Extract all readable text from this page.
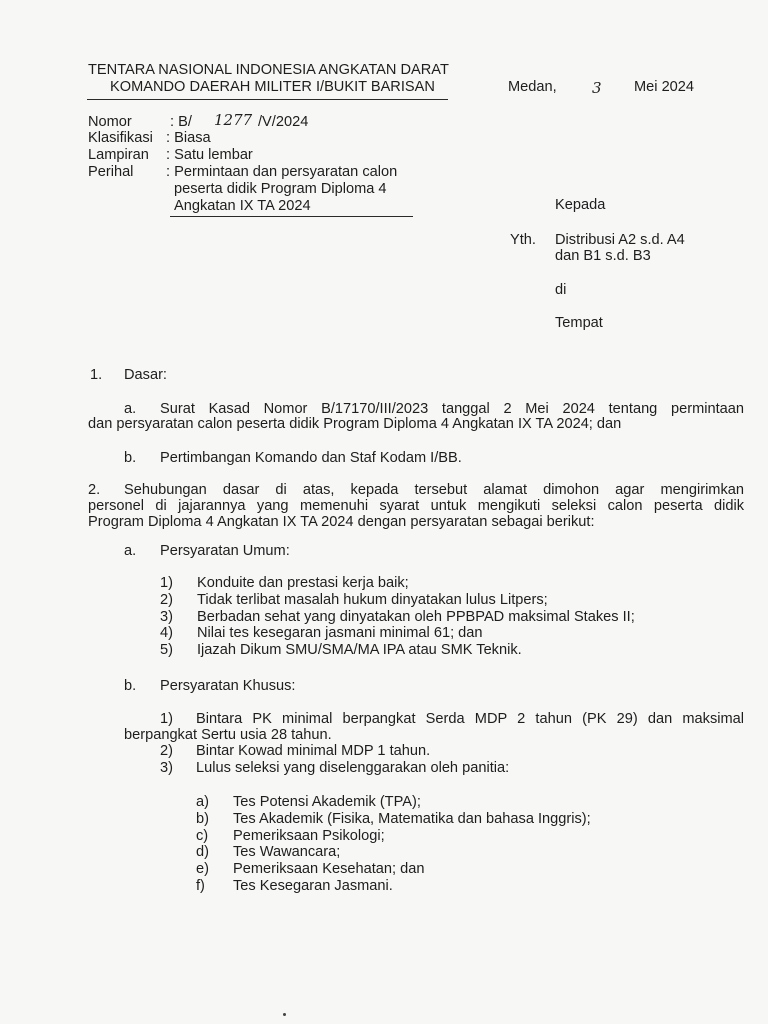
TENTARA NASIONAL INDONESIA ANGKATAN DARAT
KOMANDO DAERAH MILITER I/BUKIT BARISAN	Medan, 3 Mei 2024
Nomor	: B/ 1277 /V/2024
Klasifikasi : Biasa
Lampiran : Satu lembar
Perihal : Permintaan dan persyaratan calon
peserta didik Program Diploma 4
Angkatan IX TA 2024	Kepada
Yth. Distribusi A2 s.d. A4
dan B1 s.d. B3
di
Tempat
1. Dasar:
a. Surat Kasad Nomor B/17170/III/2023 tanggal 2 Mei 2024 tentang permintaan
dan persyaratan calon peserta didik Program Diploma 4 Angkatan IX TA 2024; dan
b. Pertimbangan Komando dan Staf Kodam I/BB.
2. Sehubungan dasar di atas, kepada tersebut alamat dimohon agar mengirimkan
personel di jajarannya yang memenuhi syarat untuk mengikuti seleksi calon peserta didik
Program Diploma 4 Angkatan IX TA 2024 dengan persyaratan sebagai berikut:
a. Persyaratan Umum:
1) Konduite dan prestasi kerja baik;
2) Tidak terlibat masalah hukum dinyatakan lulus Litpers;
3) Berbadan sehat yang dinyatakan oleh PPBPAD maksimal Stakes II;
4) Nilai tes kesegaran jasmani minimal 61; dan
5) Ijazah Dikum SMU/SMA/MA IPA atau SMK Teknik.
b. Persyaratan Khusus:
1) Bintara PK minimal berpangkat Serda MDP 2 tahun (PK 29) dan maksimal
berpangkat Sertu usia 28 tahun.
2) Bintar Kowad minimal MDP 1 tahun.
3) Lulus seleksi yang diselenggarakan oleh panitia:
a) Tes Potensi Akademik (TPA);
b) Tes Akademik (Fisika, Matematika dan bahasa Inggris);
c) Pemeriksaan Psikologi;
d) Tes Wawancara;
e) Pemeriksaan Kesehatan; dan
f) Tes Kesegaran Jasmani.
